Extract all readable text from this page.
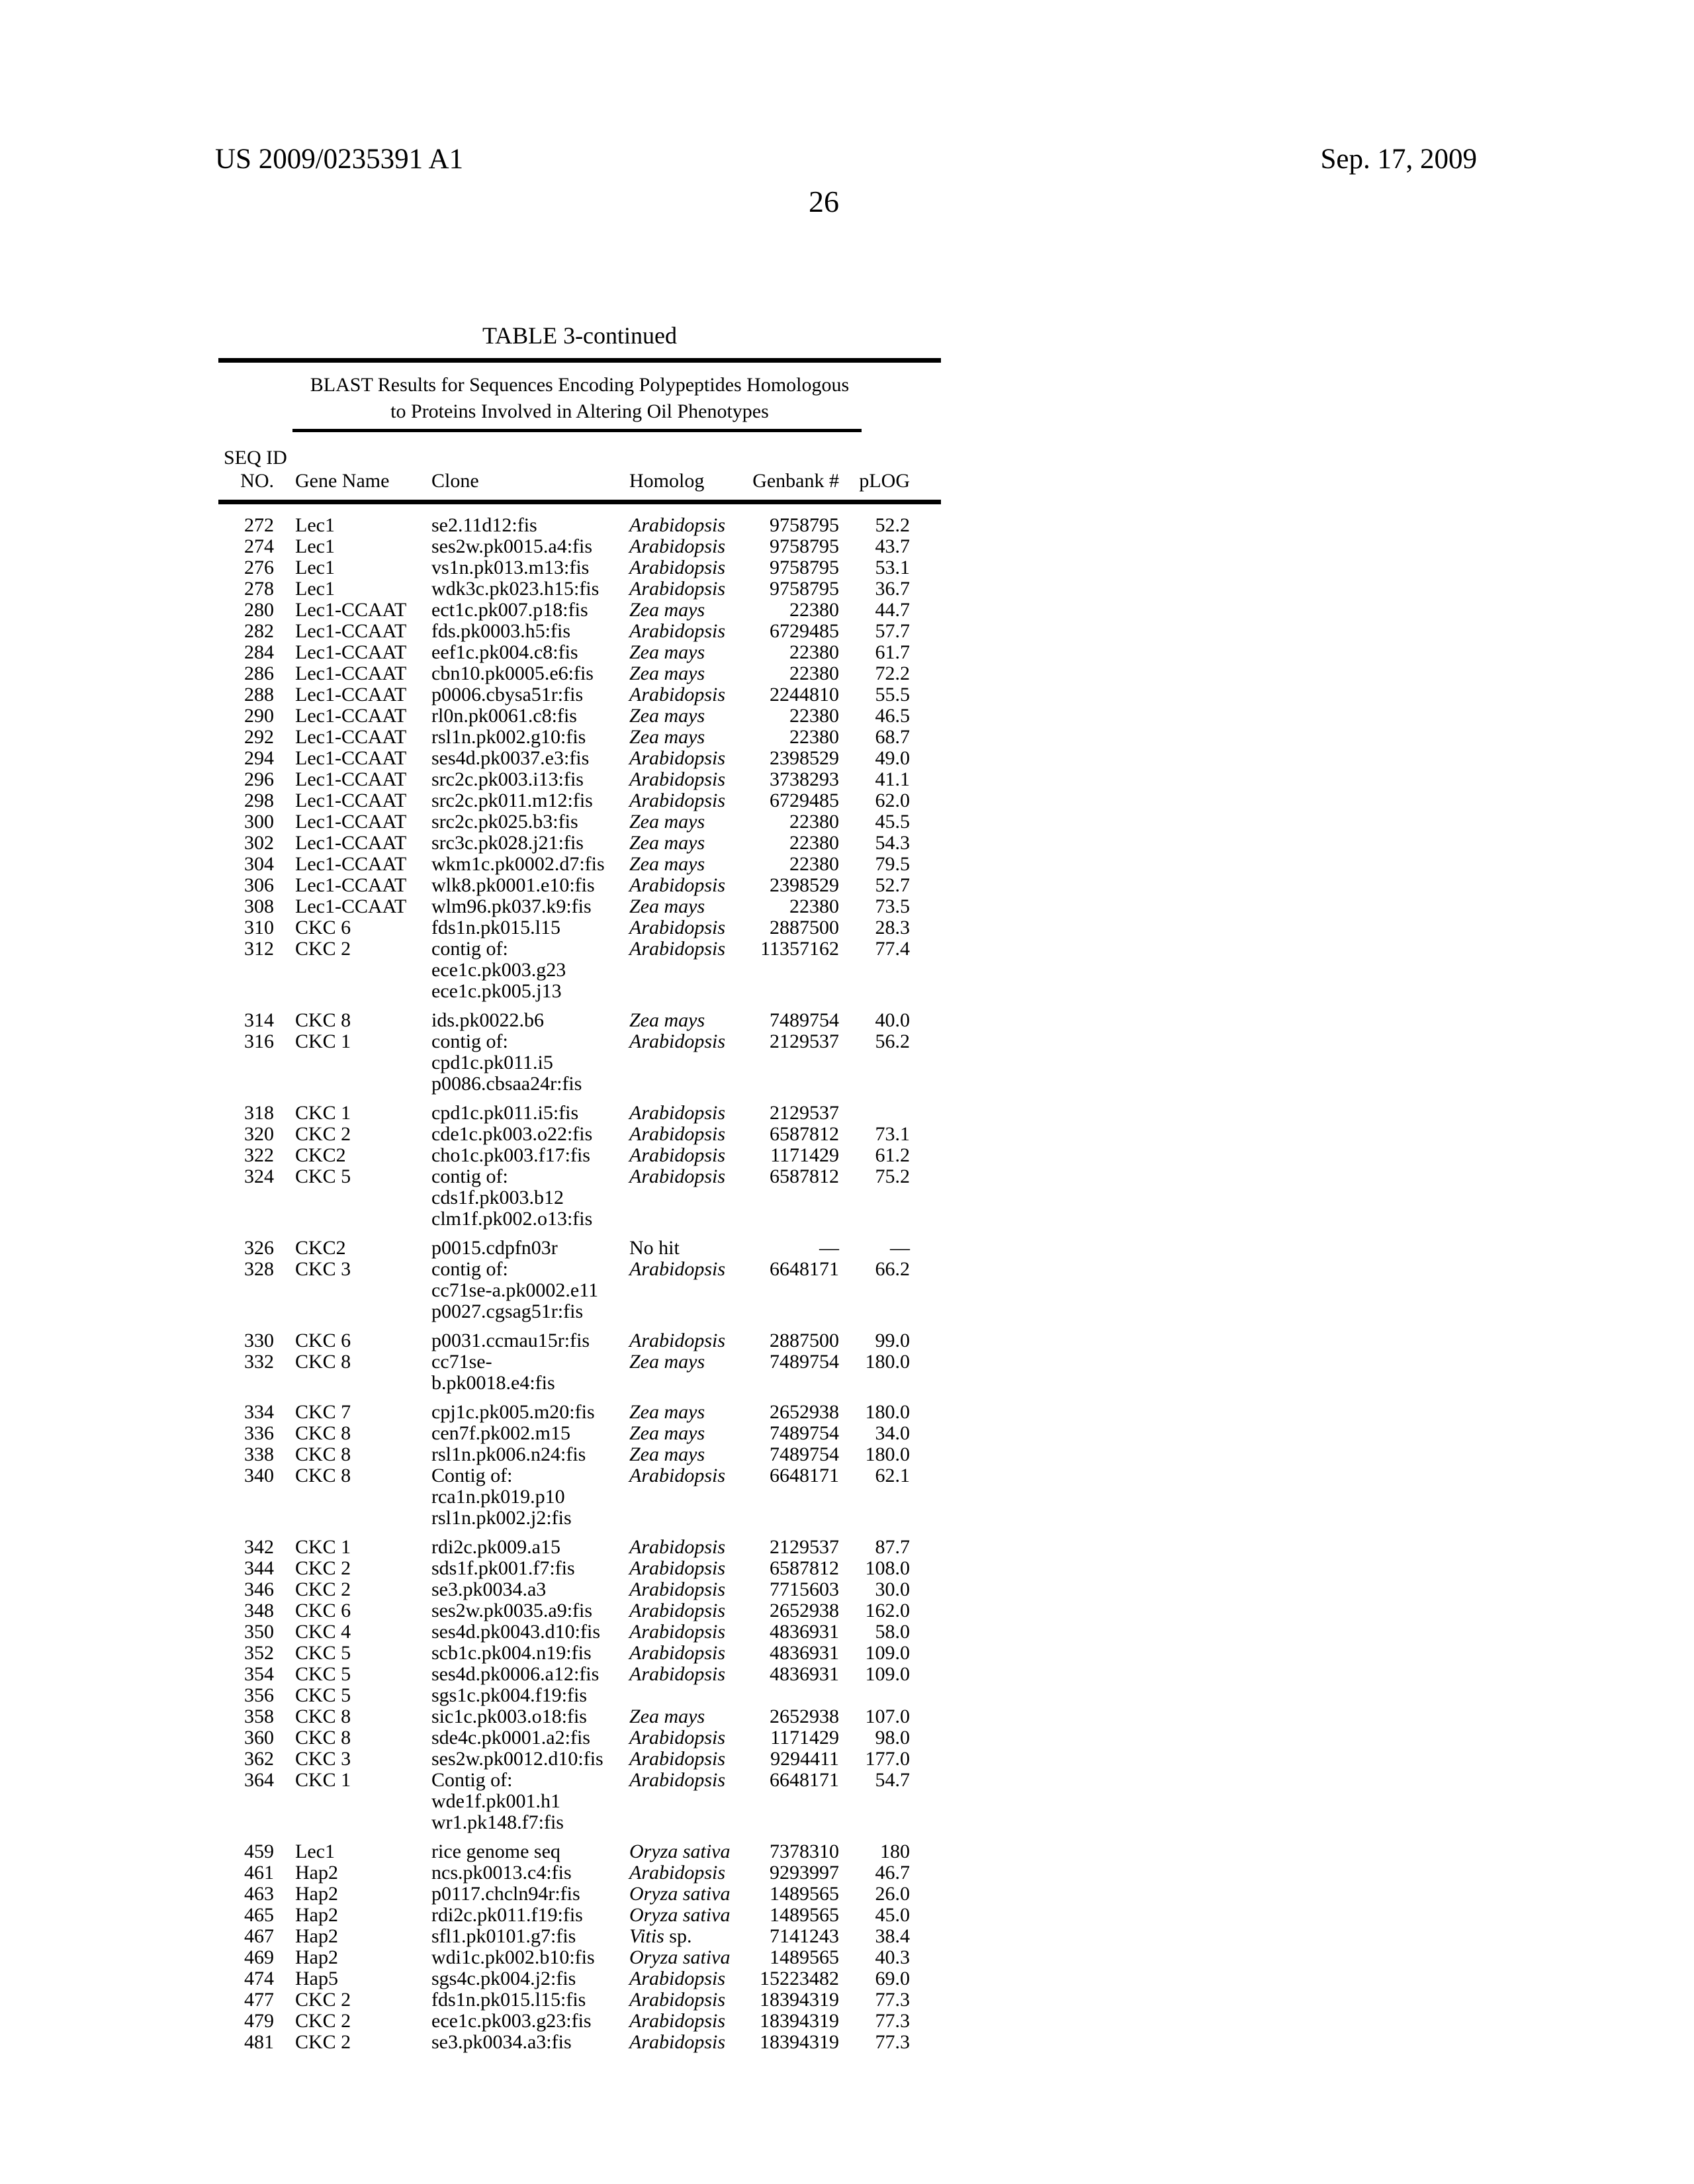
US 2009/0235391 A1	Sep. 17, 2009
26
TABLE 3-continued
BLAST Results for Sequences Encoding Polypeptides Homologous
to Proteins Involved in Altering Oil Phenotypes
SEQ ID
NO. Gene Name	Clone	Homolog	Genbank #	pLOG
272 Lec1	se2.11d12:fis	Arabidopsis	9758795	52.2
274 Lec1	ses2w.pk0015.a4:fis	Arabidopsis	9758795	43.7
276 Lec1	vs1n.pk013.m13:fis	Arabidopsis	9758795	53.1
278 Lec1	wdk3c.pk023.h15:fis	Arabidopsis	9758795	36.7
280 Lec1-CCAAT	ect1c.pk007.p18:fis	Zea mays	22380	44.7
282 Lec1-CCAAT	fds.pk0003.h5:fis	Arabidopsis	6729485	57.7
284 Lec1-CCAAT	eef1c.pk004.c8:fis	Zea mays	22380	61.7
286 Lec1-CCAAT	cbn10.pk0005.e6:fis	Zea mays	22380	72.2
288 Lec1-CCAAT	p0006.cbysa51r:fis	Arabidopsis	2244810	55.5
290 Lec1-CCAAT	rl0n.pk0061.c8:fis	Zea mays	22380	46.5
292 Lec1-CCAAT	rsl1n.pk002.g10:fis	Zea mays	22380	68.7
294 Lec1-CCAAT	ses4d.pk0037.e3:fis	Arabidopsis	2398529	49.0
296 Lec1-CCAAT	src2c.pk003.i13:fis	Arabidopsis	3738293	41.1
298 Lec1-CCAAT	src2c.pk011.m12:fis	Arabidopsis	6729485	62.0
300 Lec1-CCAAT	src2c.pk025.b3:fis	Zea mays	22380	45.5
302 Lec1-CCAAT	src3c.pk028.j21:fis	Zea mays	22380	54.3
304 Lec1-CCAAT	wkm1c.pk0002.d7:fis	Zea mays	22380	79.5
306 Lec1-CCAAT	wlk8.pk0001.e10:fis	Arabidopsis	2398529	52.7
308 Lec1-CCAAT	wlm96.pk037.k9:fis	Zea mays	22380	73.5
310 CKC 6	fds1n.pk015.l15	Arabidopsis	2887500	28.3
312 CKC 2	contig of:
ece1c.pk003.g23
ece1c.pk005.j13
Arabidopsis	11357162	77.4
314 CKC 8	ids.pk0022.b6	Zea mays	7489754	40.0
316 CKC 1	contig of:
cpd1c.pk011.i5
p0086.cbsaa24r:fis
Arabidopsis	2129537	56.2
318 CKC 1	cpd1c.pk011.i5:fis	Arabidopsis	2129537
320 CKC 2	cde1c.pk003.o22:fis	Arabidopsis	6587812	73.1
322 CKC2	cho1c.pk003.f17:fis	Arabidopsis	1171429	61.2
324 CKC 5	contig of:
cds1f.pk003.b12
clm1f.pk002.o13:fis
Arabidopsis	6587812	75.2
326 CKC2	p0015.cdpfn03r	No hit	—	—
328 CKC 3	contig of:
cc71se-a.pk0002.e11
p0027.cgsag51r:fis
Arabidopsis	6648171	66.2
330 CKC 6	p0031.ccmau15r:fis	Arabidopsis	2887500	99.0
332 CKC 8	cc71se-
b.pk0018.e4:fis
Zea mays	7489754	180.0
334 CKC 7	cpj1c.pk005.m20:fis	Zea mays	2652938	180.0
336 CKC 8	cen7f.pk002.m15	Zea mays	7489754	34.0
338 CKC 8	rsl1n.pk006.n24:fis	Zea mays	7489754	180.0
340 CKC 8	Contig of:
rca1n.pk019.p10
rsl1n.pk002.j2:fis
Arabidopsis	6648171	62.1
342 CKC 1	rdi2c.pk009.a15	Arabidopsis	2129537	87.7
344 CKC 2	sds1f.pk001.f7:fis	Arabidopsis	6587812	108.0
346 CKC 2	se3.pk0034.a3	Arabidopsis	7715603	30.0
348 CKC 6	ses2w.pk0035.a9:fis	Arabidopsis	2652938	162.0
350 CKC 4	ses4d.pk0043.d10:fis	Arabidopsis	4836931	58.0
352 CKC 5	scb1c.pk004.n19:fis	Arabidopsis	4836931	109.0
354 CKC 5	ses4d.pk0006.a12:fis	Arabidopsis	4836931	109.0
356 CKC 5	sgs1c.pk004.f19:fis
358 CKC 8	sic1c.pk003.o18:fis	Zea mays	2652938	107.0
360 CKC 8	sde4c.pk0001.a2:fis	Arabidopsis	1171429	98.0
362 CKC 3	ses2w.pk0012.d10:fis	Arabidopsis	9294411	177.0
364 CKC 1	Contig of:
wde1f.pk001.h1
wr1.pk148.f7:fis
Arabidopsis	6648171	54.7
459 Lec1	rice genome seq	Oryza sativa	7378310	180
461 Hap2	ncs.pk0013.c4:fis	Arabidopsis	9293997	46.7
463 Hap2	p0117.chcln94r:fis	Oryza sativa	1489565	26.0
465 Hap2	rdi2c.pk011.f19:fis	Oryza sativa	1489565	45.0
467 Hap2	sfl1.pk0101.g7:fis	Vitis sp.	7141243	38.4
469 Hap2	wdi1c.pk002.b10:fis	Oryza sativa	1489565	40.3
474 Hap5	sgs4c.pk004.j2:fis	Arabidopsis	15223482	69.0
477 CKC 2	fds1n.pk015.l15:fis	Arabidopsis	18394319	77.3
479 CKC 2	ece1c.pk003.g23:fis	Arabidopsis	18394319	77.3
481 CKC 2	se3.pk0034.a3:fis	Arabidopsis	18394319	77.3
